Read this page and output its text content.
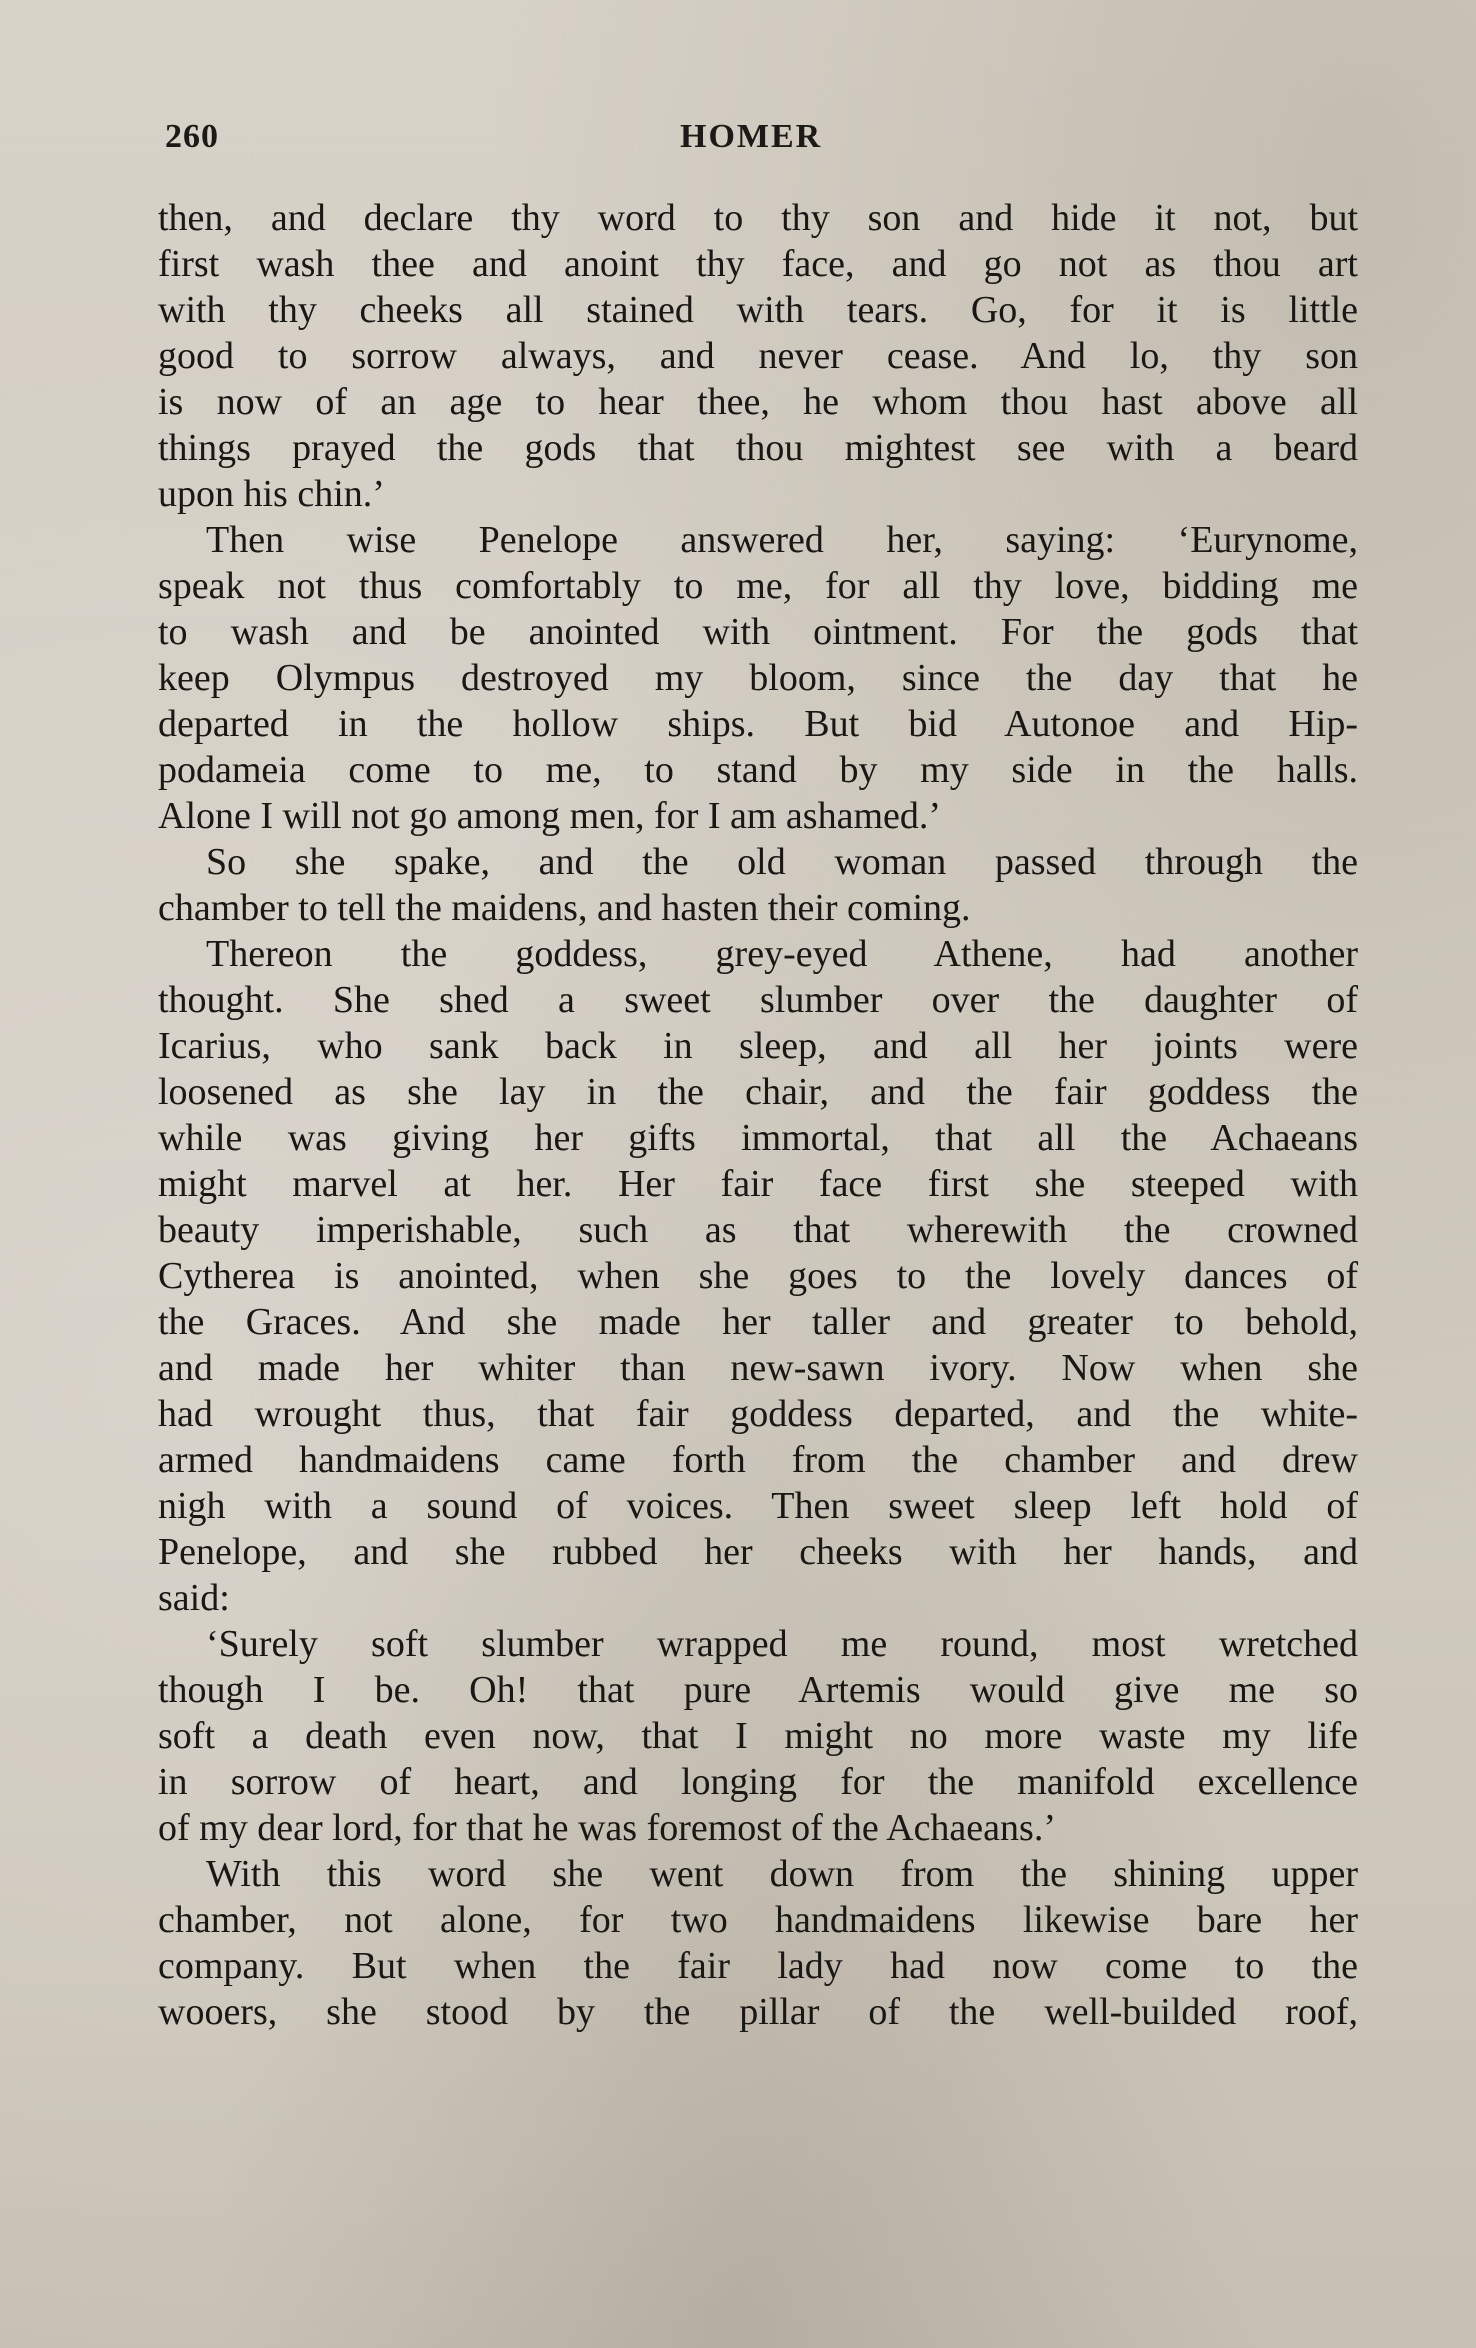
260	HOMER
then, and declare thy word to thy son and hide it not, but
first wash thee and anoint thy face, and go not as thou art
with thy cheeks all stained with tears. Go, for it is little
good to sorrow always, and never cease. And lo, thy son
is now of an age to hear thee, he whom thou hast above all
things prayed the gods that thou mightest see with a beard
upon his chin.’
Then wise Penelope answered her, saying: ‘Eurynome,
speak not thus comfortably to me, for all thy love, bidding me
to wash and be anointed with ointment. For the gods that
keep Olympus destroyed my bloom, since the day that he
departed in the hollow ships. But bid Autonoe and Hip-
podameia come to me, to stand by my side in the halls.
Alone I will not go among men, for I am ashamed.’
So she spake, and the old woman passed through the
chamber to tell the maidens, and hasten their coming.
Thereon the goddess, grey-eyed Athene, had another
thought. She shed a sweet slumber over the daughter of
Icarius, who sank back in sleep, and all her joints were
loosened as she lay in the chair, and the fair goddess the
while was giving her gifts immortal, that all the Achaeans
might marvel at her. Her fair face first she steeped with
beauty imperishable, such as that wherewith the crowned
Cytherea is anointed, when she goes to the lovely dances of
the Graces. And she made her taller and greater to behold,
and made her whiter than new-sawn ivory. Now when she
had wrought thus, that fair goddess departed, and the white-
armed handmaidens came forth from the chamber and drew
nigh with a sound of voices. Then sweet sleep left hold of
Penelope, and she rubbed her cheeks with her hands, and
said:
‘Surely soft slumber wrapped me round, most wretched
though I be. Oh! that pure Artemis would give me so
soft a death even now, that I might no more waste my life
in sorrow of heart, and longing for the manifold excellence
of my dear lord, for that he was foremost of the Achaeans.’
With this word she went down from the shining upper
chamber, not alone, for two handmaidens likewise bare her
company. But when the fair lady had now come to the
wooers, she stood by the pillar of the well-builded roof,
